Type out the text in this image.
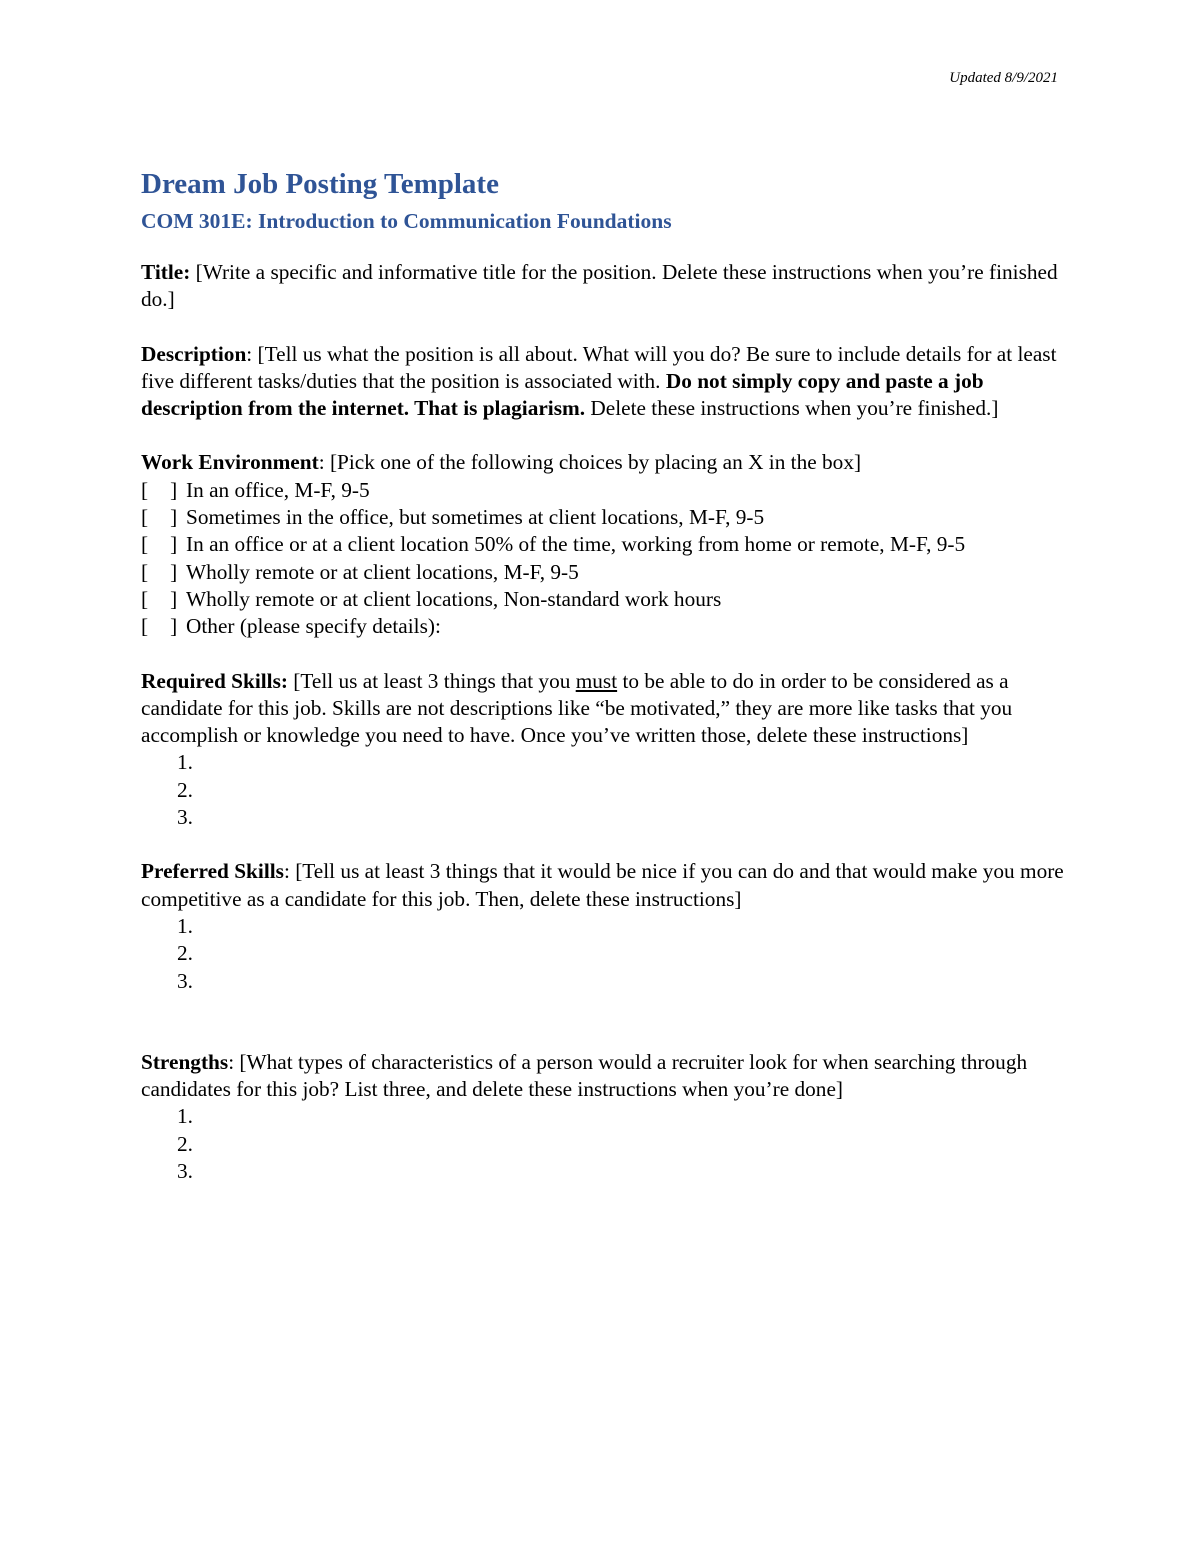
Updated 8/9/2021
Dream Job Posting Template
COM 301E: Introduction to Communication Foundations

Title: [Write a specific and informative title for the position. Delete these instructions when you’re finished do.]

Description: [Tell us what the position is all about. What will you do? Be sure to include details for at least five different tasks/duties that the position is associated with. Do not simply copy and paste a job description from the internet. That is plagiarism. Delete these instructions when you’re finished.]

Work Environment: [Pick one of the following choices by placing an X in the box]

[ ] In an office, M-F, 9-5
[ ] Sometimes in the office, but sometimes at client locations, M-F, 9-5
[ ] In an office or at a client location 50% of the time, working from home or remote, M-F, 9-5
[ ] Wholly remote or at client locations, M-F, 9-5
[ ] Wholly remote or at client locations, Non-standard work hours
[ ] Other (please specify details):

Required Skills: [Tell us at least 3 things that you must to be able to do in order to be considered as a candidate for this job. Skills are not descriptions like “be motivated,” they are more like tasks that you accomplish or knowledge you need to have. Once you’ve written those, delete these instructions]

1.
2.
3.

Preferred Skills: [Tell us at least 3 things that it would be nice if you can do and that would make you more competitive as a candidate for this job. Then, delete these instructions]

1.
2.
3.

Strengths: [What types of characteristics of a person would a recruiter look for when searching through candidates for this job? List three, and delete these instructions when you’re done]

1.
2.
3.
